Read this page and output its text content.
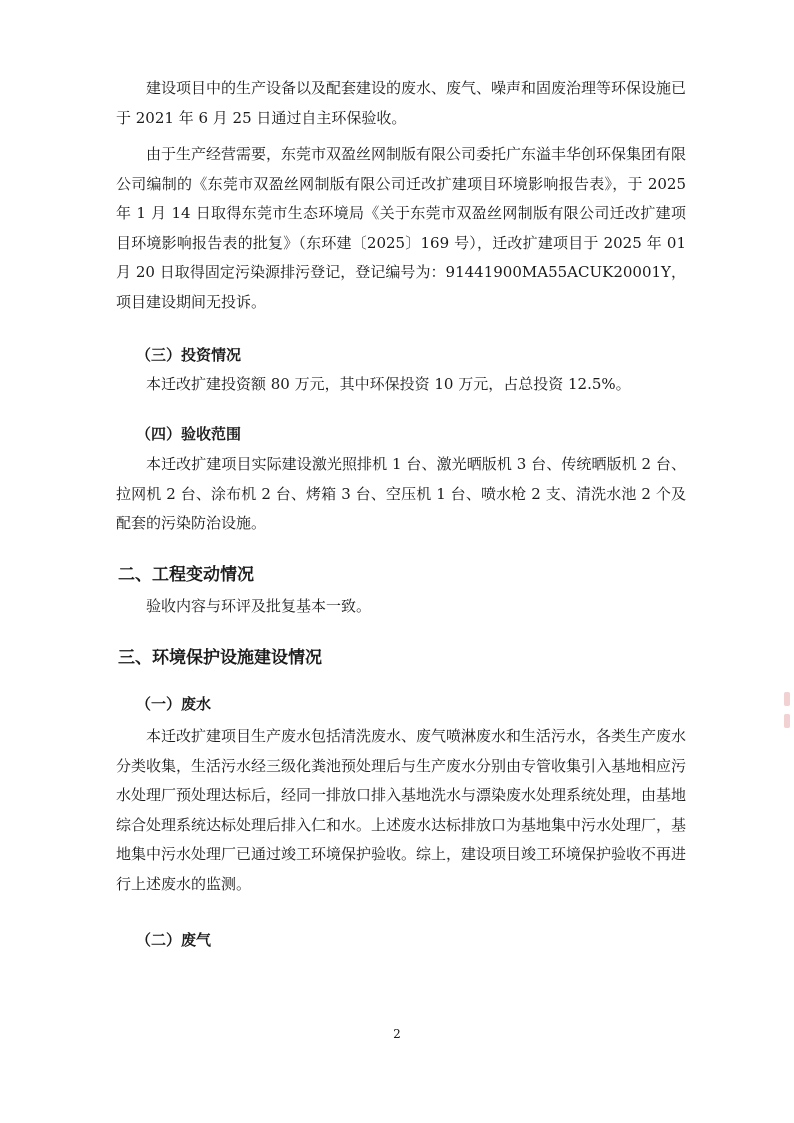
建设项目中的生产设备以及配套建设的废水、废气、噪声和固废治理等环保设施已于 2021 年 6 月 25 日通过自主环保验收。

由于生产经营需要，东莞市双盈丝网制版有限公司委托广东溢丰华创环保集团有限公司编制的《东莞市双盈丝网制版有限公司迁改扩建项目环境影响报告表》，于 2025 年 1 月 14 日取得东莞市生态环境局《关于东莞市双盈丝网制版有限公司迁改扩建项目环境影响报告表的批复》（东环建〔2025〕169 号），迁改扩建项目于 2025 年 01 月 20 日取得固定污染源排污登记，登记编号为：91441900MA55ACUK20001Y，项目建设期间无投诉。

（三）投资情况

本迁改扩建投资额 80 万元，其中环保投资 10 万元，占总投资 12.5%。

（四）验收范围

本迁改扩建项目实际建设激光照排机 1 台、激光晒版机 3 台、传统晒版机 2 台、拉网机 2 台、涂布机 2 台、烤箱 3 台、空压机 1 台、喷水枪 2 支、清洗水池 2 个及配套的污染防治设施。

二、工程变动情况

验收内容与环评及批复基本一致。

三、环境保护设施建设情况
（一）废水

本迁改扩建项目生产废水包括清洗废水、废气喷淋废水和生活污水，各类生产废水分类收集，生活污水经三级化粪池预处理后与生产废水分别由专管收集引入基地相应污水处理厂预处理达标后，经同一排放口排入基地洗水与漂染废水处理系统处理，由基地综合处理系统达标处理后排入仁和水。上述废水达标排放口为基地集中污水处理厂，基地集中污水处理厂已通过竣工环境保护验收。综上，建设项目竣工环境保护验收不再进行上述废水的监测。

（二）废气
2
